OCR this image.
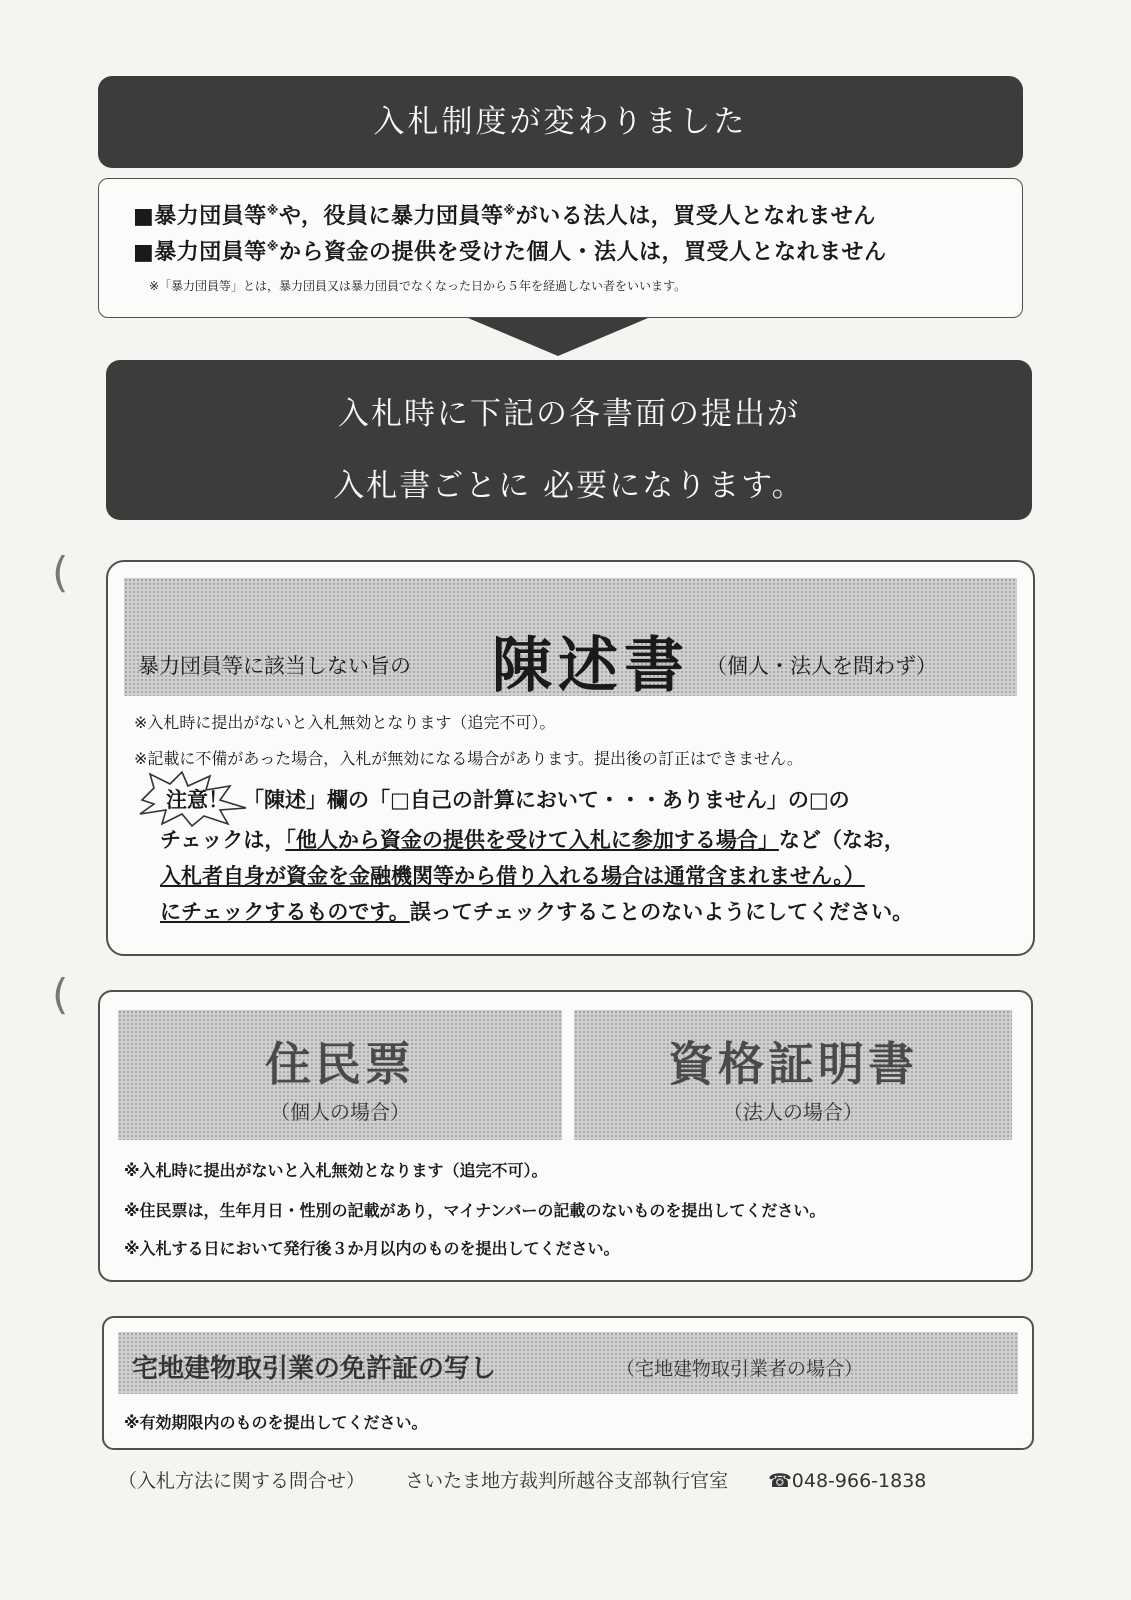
(
(
入札制度が変わりました
■暴力団員等※や，役員に暴力団員等※がいる法人は，買受人となれません
■暴力団員等※から資金の提供を受けた個人・法人は，買受人となれません
※「暴力団員等」とは，暴力団員又は暴力団員でなくなった日から５年を経過しない者をいいます。
入札時に下記の各書面の提出が
入札書ごとに 必要になります。
暴力団員等に該当しない旨の 陳述書 （個人・法人を問わず）
※入札時に提出がないと入札無効となります（追完不可）。
※記載に不備があった場合，入札が無効になる場合があります。提出後の訂正はできません。
注意！ 「陳述」欄の「□自己の計算において・・・ありません」の□の
チェックは，「他人から資金の提供を受けて入札に参加する場合」など（なお，
入札者自身が資金を金融機関等から借り入れる場合は通常含まれません。）
にチェックするものです。誤ってチェックすることのないようにしてください。
住民票
（個人の場合）
資格証明書
（法人の場合）
※入札時に提出がないと入札無効となります（追完不可）。
※住民票は，生年月日・性別の記載があり，マイナンバーの記載のないものを提出してください。
※入札する日において発行後３か月以内のものを提出してください。
宅地建物取引業の免許証の写し	（宅地建物取引業者の場合）
※有効期限内のものを提出してください。
（入札方法に関する問合せ） さいたま地方裁判所越谷支部執行官室 ☎048-966-1838
